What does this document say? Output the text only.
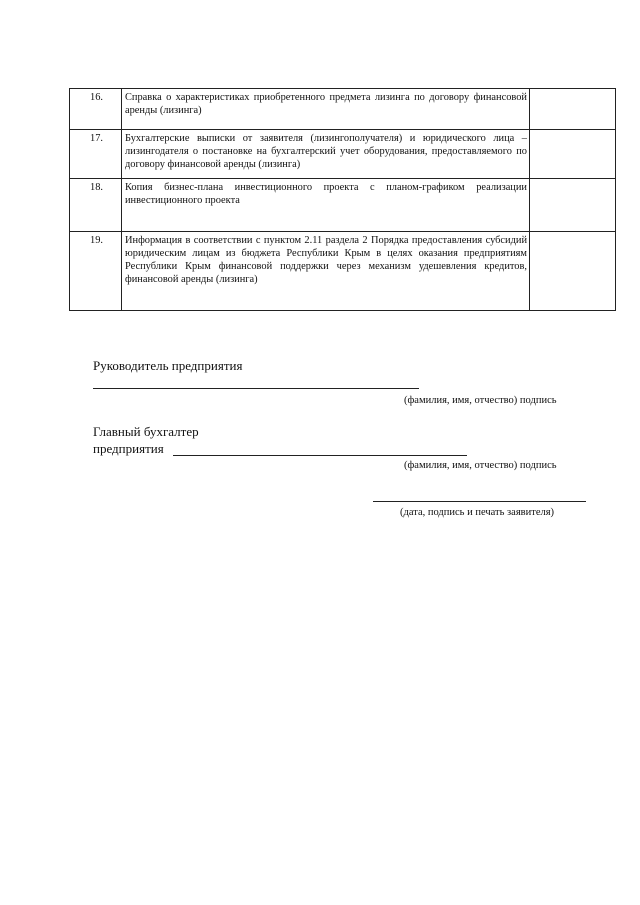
16.	Справка о характеристиках приобретенного предмета лизинга по договору финансовой аренды (лизинга)	
17.	Бухгалтерские выписки от заявителя (лизингополучателя) и юридического лица – лизингодателя о постановке на бухгалтерский учет оборудования, предоставляемого по договору финансовой аренды (лизинга)	
18.	Копия бизнес-плана инвестиционного проекта с планом-графиком реализации инвестиционного проекта	
19.	Информация в соответствии с пунктом 2.11 раздела 2 Порядка предоставления субсидий юридическим лицам из бюджета Республики Крым в целях оказания предприятиям Республики Крым финансовой поддержки через механизм удешевления кредитов, финансовой аренды (лизинга)	
Руководитель предприятия
(фамилия, имя, отчество) подпись
Главный бухгалтер
предприятия
(фамилия, имя, отчество) подпись
(дата, подпись и печать заявителя)
